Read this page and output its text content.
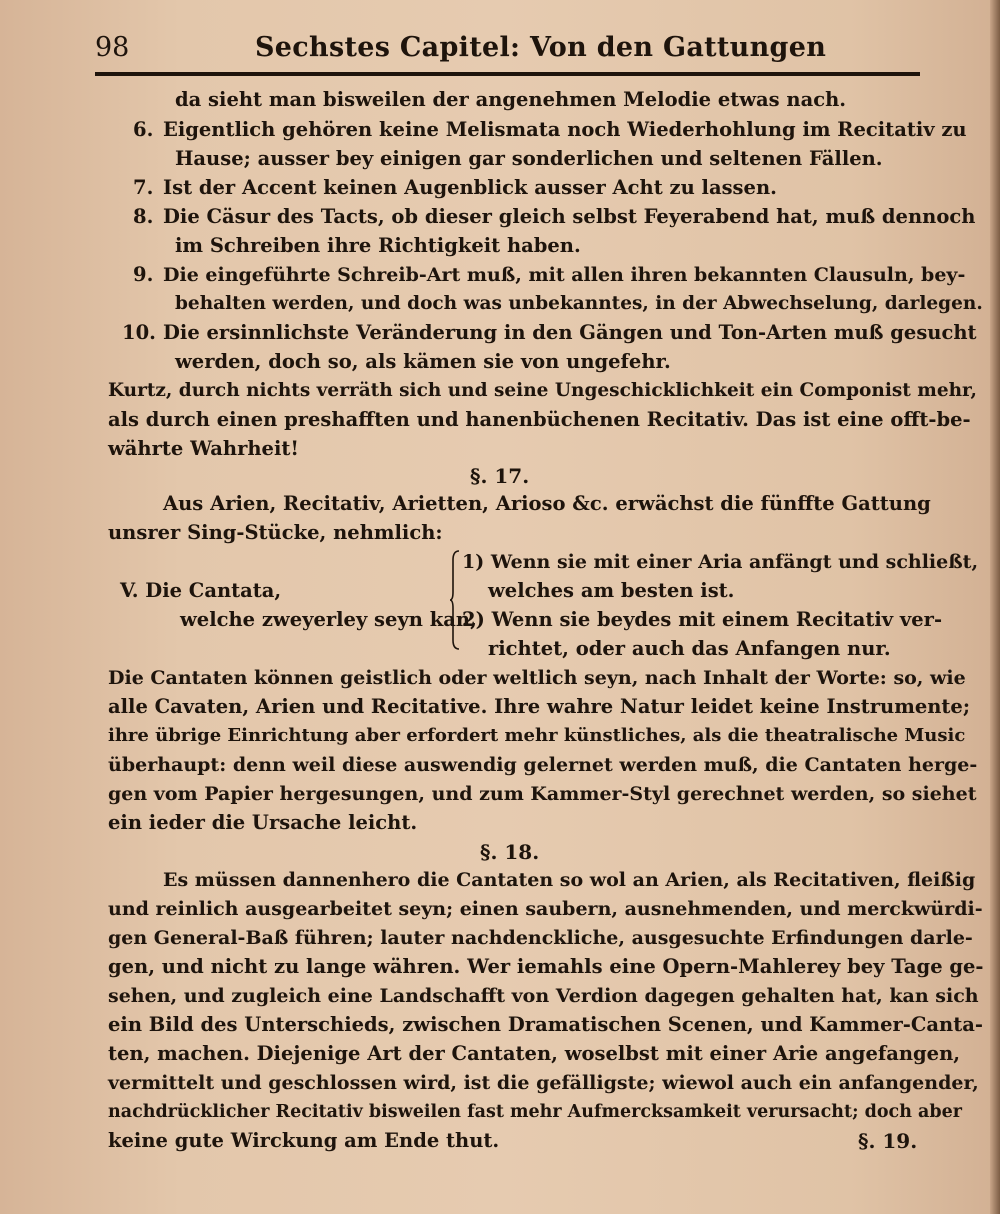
98	Sechstes Capitel: Von den Gattungen
da sieht man bisweilen der angenehmen Melodie etwas nach.
6. Eigentlich gehören keine Melismata noch Wiederhohlung im Recitativ zu
Hause; ausser bey einigen gar sonderlichen und seltenen Fällen.
7. Ist der Accent keinen Augenblick ausser Acht zu lassen.
8. Die Cäsur des Tacts, ob dieser gleich selbst Feyerabend hat, muß dennoch
im Schreiben ihre Richtigkeit haben.
9. Die eingeführte Schreib-Art muß, mit allen ihren bekannten Clausuln, bey-
behalten werden, und doch was unbekanntes, in der Abwechselung, darlegen.
10. Die ersinnlichste Veränderung in den Gängen und Ton-Arten muß gesucht
werden, doch so, als kämen sie von ungefehr.
Kurtz, durch nichts verräth sich und seine Ungeschicklichkeit ein Componist mehr,
als durch einen preshafften und hanenbüchenen Recitativ. Das ist eine offt-be-
währte Wahrheit!
§. 17.
Aus Arien, Recitativ, Arietten, Arioso &c. erwächst die fünffte Gattung
unsrer Sing-Stücke, nehmlich:
V. Die Cantata,
welche zweyerley seyn kan,
1) Wenn sie mit einer Aria anfängt und schließt,
welches am besten ist.
2) Wenn sie beydes mit einem Recitativ ver-
richtet, oder auch das Anfangen nur.
Die Cantaten können geistlich oder weltlich seyn, nach Inhalt der Worte: so, wie
alle Cavaten, Arien und Recitative. Ihre wahre Natur leidet keine Instrumente;
ihre übrige Einrichtung aber erfordert mehr künstliches, als die theatralische Music
überhaupt: denn weil diese auswendig gelernet werden muß, die Cantaten herge-
gen vom Papier hergesungen, und zum Kammer-Styl gerechnet werden, so siehet
ein ieder die Ursache leicht.
§. 18.
Es müssen dannenhero die Cantaten so wol an Arien, als Recitativen, fleißig
und reinlich ausgearbeitet seyn; einen saubern, ausnehmenden, und merckwürdi-
gen General-Baß führen; lauter nachdenckliche, ausgesuchte Erfindungen darle-
gen, und nicht zu lange währen. Wer iemahls eine Opern-Mahlerey bey Tage ge-
sehen, und zugleich eine Landschafft von Verdion dagegen gehalten hat, kan sich
ein Bild des Unterschieds, zwischen Dramatischen Scenen, und Kammer-Canta-
ten, machen. Diejenige Art der Cantaten, woselbst mit einer Arie angefangen,
vermittelt und geschlossen wird, ist die gefälligste; wiewol auch ein anfangender,
nachdrücklicher Recitativ bisweilen fast mehr Aufmercksamkeit verursacht; doch aber
keine gute Wirckung am Ende thut.	§. 19.
